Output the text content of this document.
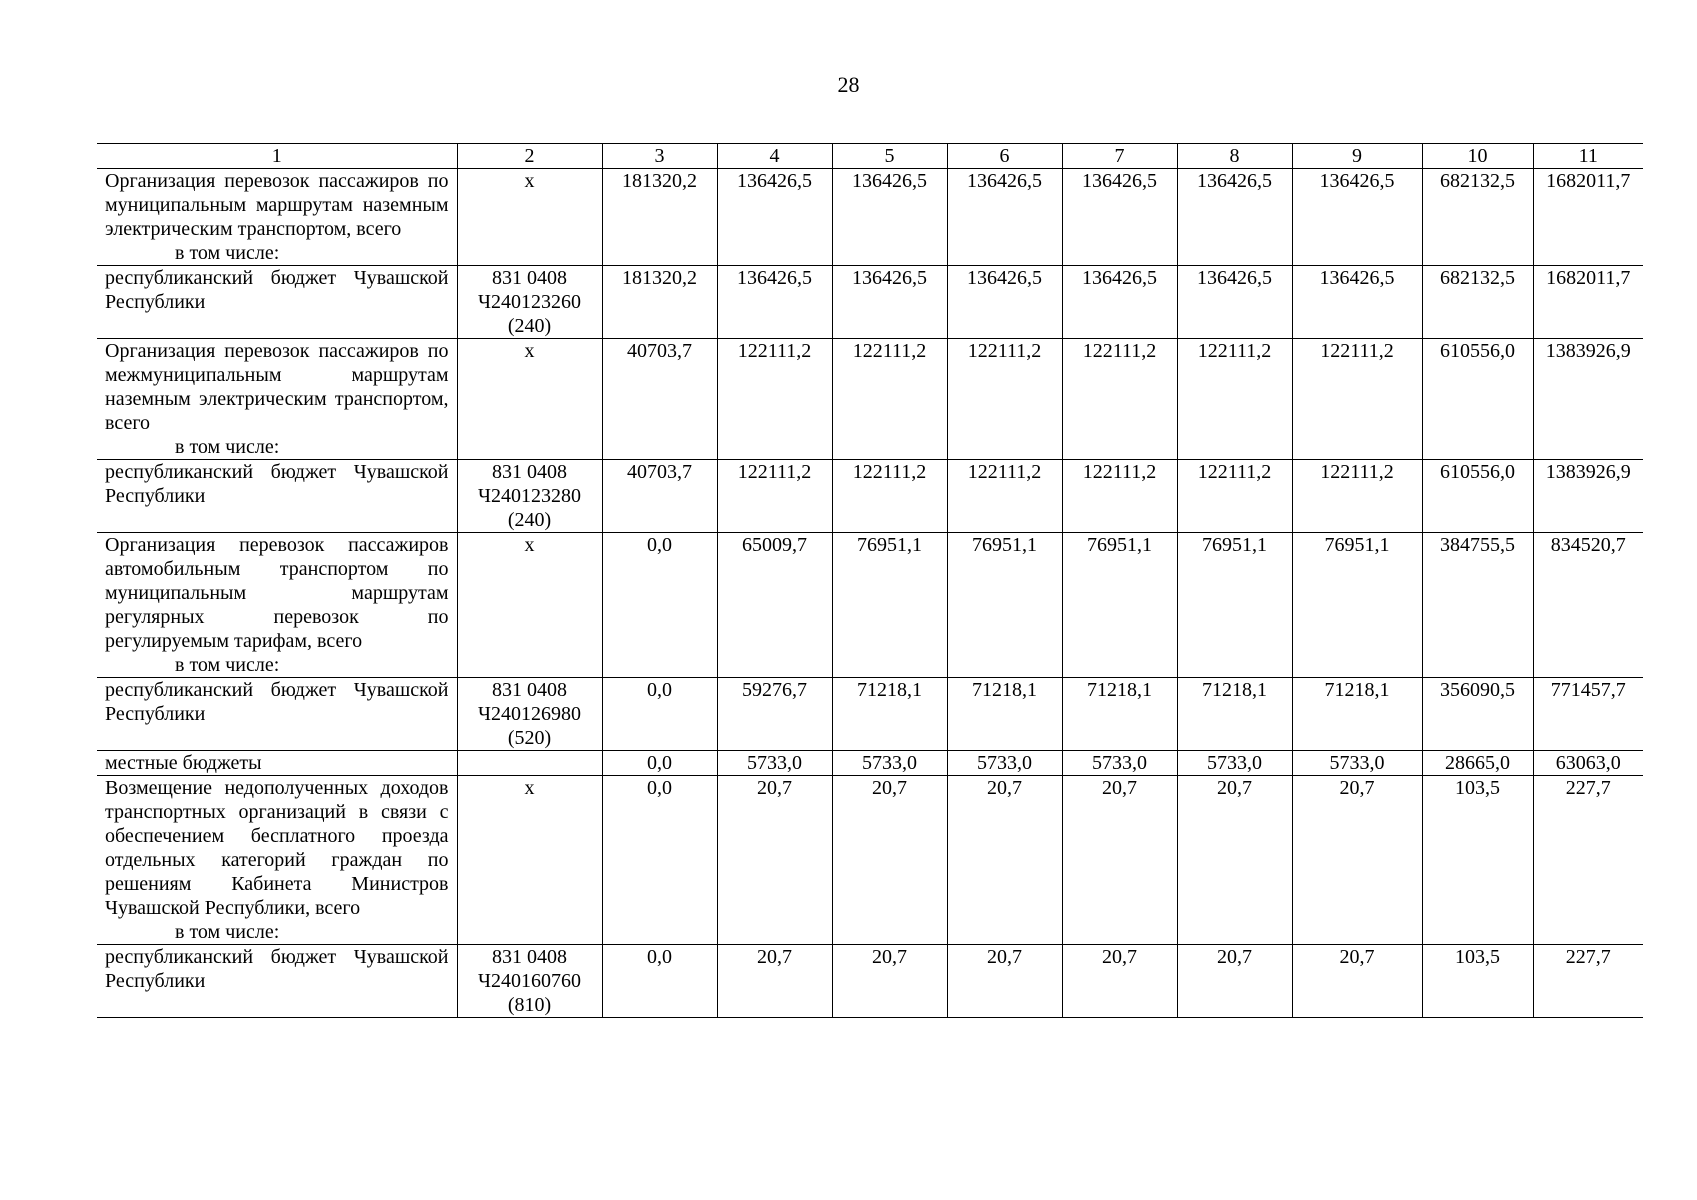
28
1	2	3	4	5	6	7	8	9	10	11
Организация перевозок пассажиров по муниципальным маршрутам наземным электрическим транспортом, всего
в том числе:	x	181320,2	136426,5	136426,5	136426,5	136426,5	136426,5	136426,5	682132,5	1682011,7
республиканский бюджет Чувашской Республики	831 0408
Ч240123260
(240)	181320,2	136426,5	136426,5	136426,5	136426,5	136426,5	136426,5	682132,5	1682011,7
Организация перевозок пассажиров по межмуниципальным маршрутам наземным электрическим транспортом, всего
в том числе:	x	40703,7	122111,2	122111,2	122111,2	122111,2	122111,2	122111,2	610556,0	1383926,9
республиканский бюджет Чувашской Республики	831 0408
Ч240123280
(240)	40703,7	122111,2	122111,2	122111,2	122111,2	122111,2	122111,2	610556,0	1383926,9
Организация перевозок пассажиров автомобильным транспортом по муниципальным маршрутам регулярных перевозок по регулируемым тарифам, всего
в том числе:	x	0,0	65009,7	76951,1	76951,1	76951,1	76951,1	76951,1	384755,5	834520,7
республиканский бюджет Чувашской Республики	831 0408
Ч240126980
(520)	0,0	59276,7	71218,1	71218,1	71218,1	71218,1	71218,1	356090,5	771457,7
местные бюджеты		0,0	5733,0	5733,0	5733,0	5733,0	5733,0	5733,0	28665,0	63063,0
Возмещение недополученных доходов транспортных организаций в связи с обеспечением бесплатного проезда отдельных категорий граждан по решениям Кабинета Министров Чувашской Республики, всего
в том числе:	x	0,0	20,7	20,7	20,7	20,7	20,7	20,7	103,5	227,7
республиканский бюджет Чувашской Республики	831 0408
Ч240160760
(810)	0,0	20,7	20,7	20,7	20,7	20,7	20,7	103,5	227,7
